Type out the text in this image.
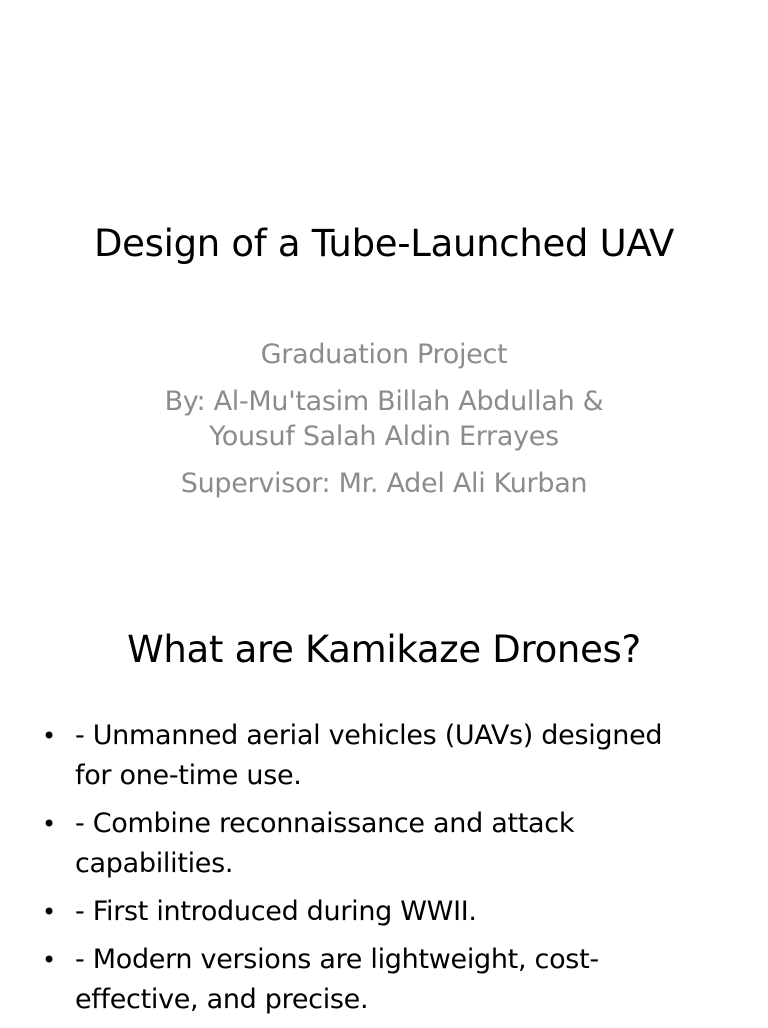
Design of a Tube-Launched UAV
Graduation Project
By: Al-Mu'tasim Billah Abdullah &
Yousuf Salah Aldin Errayes
Supervisor: Mr. Adel Ali Kurban
What are Kamikaze Drones?
• - Unmanned aerial vehicles (UAVs) designed for one-time use.
• - Combine reconnaissance and attack capabilities.
• - First introduced during WWII.
• - Modern versions are lightweight, cost-effective, and precise.
